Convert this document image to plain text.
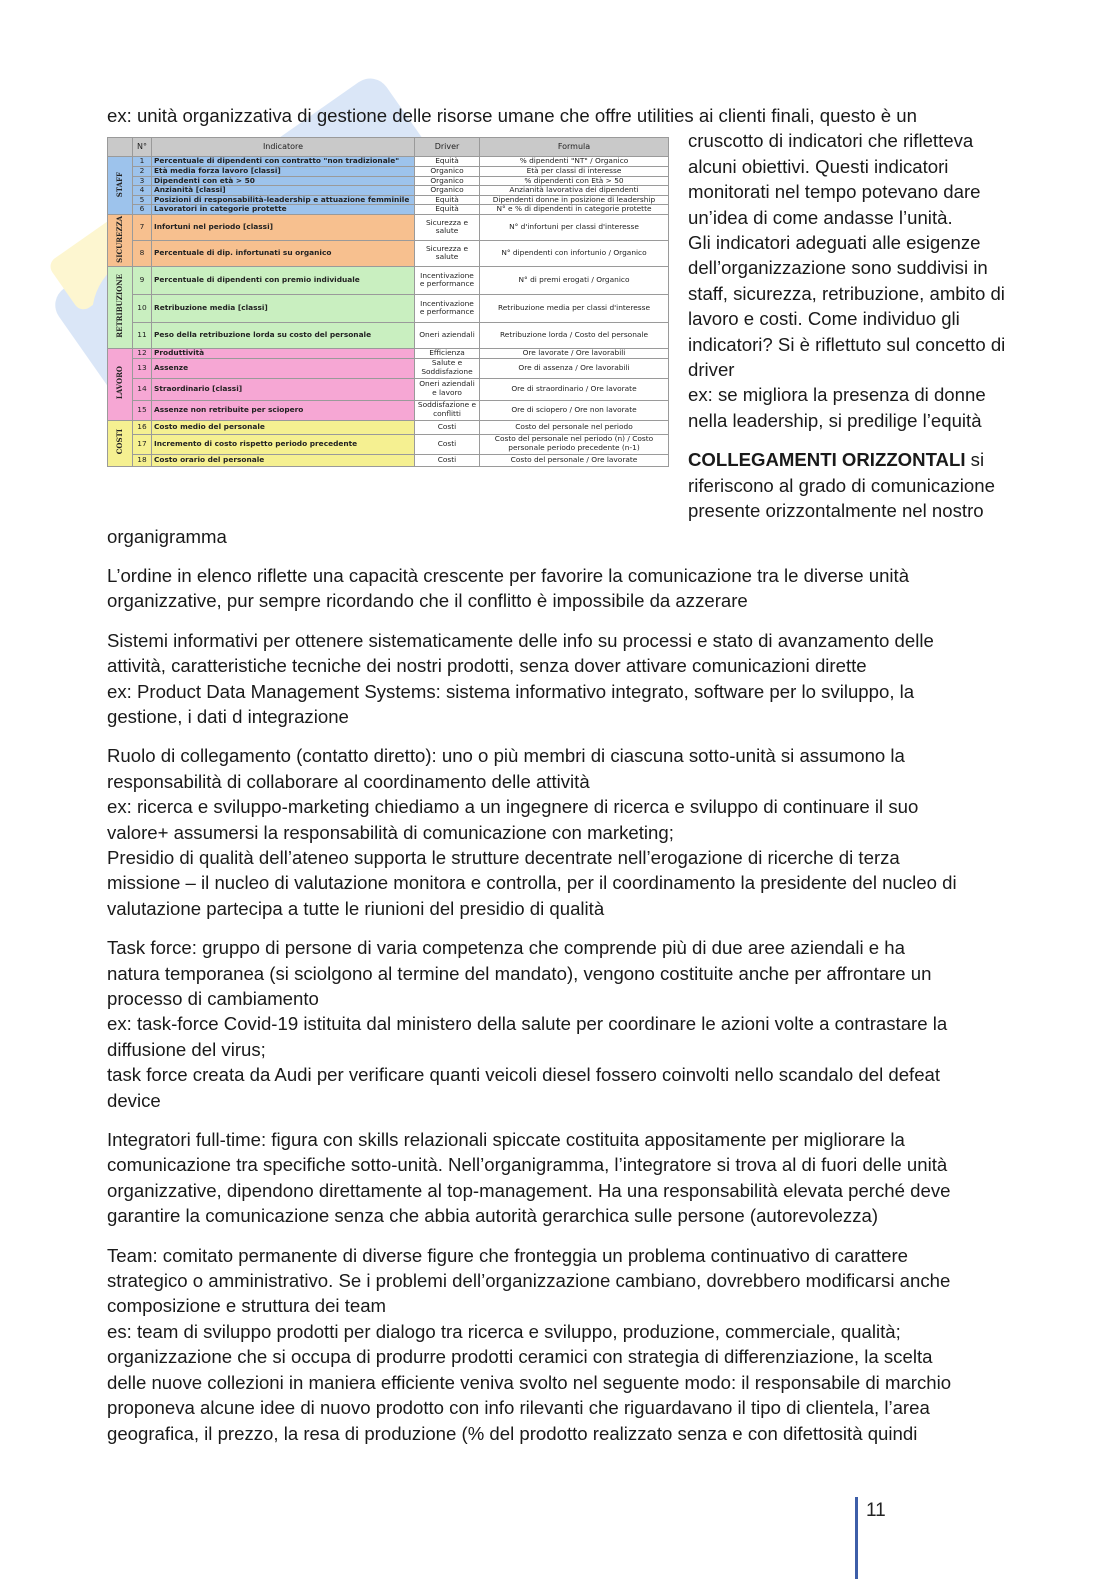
ex: unità organizzativa di gestione delle risorse umane che offre utilities ai clienti finali, questo è un

	N°	Indicatore	Driver	Formula
STAFF	1	Percentuale di dipendenti con contratto "non tradizionale"	Equità	% dipendenti "NT" / Organico
	2	Età media forza lavoro [classi]	Organico	Età per classi di interesse
	3	Dipendenti con età > 50	Organico	% dipendenti con Età > 50
	4	Anzianità [classi]	Organico	Anzianità lavorativa dei dipendenti
	5	Posizioni di responsabilità-leadership e attuazione femminile	Equità	Dipendenti donne in posizione di leadership
	6	Lavoratori in categorie protette	Equità	N° e % di dipendenti in categorie protette
SICUREZZA	7	Infortuni nel periodo [classi]	Sicurezza e salute	N° d'infortuni per classi d'interesse
	8	Percentuale di dip. infortunati su organico	Sicurezza e salute	N° dipendenti con infortunio / Organico
RETRIBUZIONE	9	Percentuale di dipendenti con premio individuale	Incentivazione e performance	N° di premi erogati / Organico
	10	Retribuzione media [classi]	Incentivazione e performance	Retribuzione media per classi d'interesse
	11	Peso della retribuzione lorda su costo del personale	Oneri aziendali	Retribuzione lorda / Costo del personale
LAVORO	12	Produttività	Efficienza	Ore lavorate / Ore lavorabili
	13	Assenze	Salute e Soddisfazione	Ore di assenza / Ore lavorabili
	14	Straordinario [classi]	Oneri aziendali e lavoro	Ore di straordinario / Ore lavorate
	15	Assenze non retribuite per sciopero	Soddisfazione e conflitti	Ore di sciopero / Ore non lavorate
COSTI	16	Costo medio del personale	Costi	Costo del personale nel periodo
	17	Incremento di costo rispetto periodo precedente	Costi	Costo del personale nel periodo (n) / Costo personale periodo precedente (n-1)
	18	Costo orario del personale	Costi	Costo del personale / Ore lavorate
cruscotto di indicatori che rifletteva
alcuni obiettivi. Questi indicatori
monitorati nel tempo potevano dare
un’idea di come andasse l’unità.
Gli indicatori adeguati alle esigenze
dell’organizzazione sono suddivisi in
staff, sicurezza, retribuzione, ambito di
lavoro e costi. Come individuo gli
indicatori? Si è riflettuto sul concetto di
driver
ex: se migliora la presenza di donne
nella leadership, si predilige l’equità
COLLEGAMENTI ORIZZONTALI si
riferiscono al grado di comunicazione
presente orizzontalmente nel nostro

organigramma

L’ordine in elenco riflette una capacità crescente per favorire la comunicazione tra le diverse unità
organizzative, pur sempre ricordando che il conflitto è impossibile da azzerare

Sistemi informativi per ottenere sistematicamente delle info su processi e stato di avanzamento delle
attività, caratteristiche tecniche dei nostri prodotti, senza dover attivare comunicazioni dirette
ex: Product Data Management Systems: sistema informativo integrato, software per lo sviluppo, la
gestione, i dati d integrazione

Ruolo di collegamento (contatto diretto): uno o più membri di ciascuna sotto-unità si assumono la
responsabilità di collaborare al coordinamento delle attività
ex: ricerca e sviluppo-marketing chiediamo a un ingegnere di ricerca e sviluppo di continuare il suo
valore+ assumersi la responsabilità di comunicazione con marketing;
Presidio di qualità dell’ateneo supporta le strutture decentrate nell’erogazione di ricerche di terza
missione – il nucleo di valutazione monitora e controlla, per il coordinamento la presidente del nucleo di
valutazione partecipa a tutte le riunioni del presidio di qualità

Task force: gruppo di persone di varia competenza che comprende più di due aree aziendali e ha
natura temporanea (si sciolgono al termine del mandato), vengono costituite anche per affrontare un
processo di cambiamento
ex: task-force Covid-19 istituita dal ministero della salute per coordinare le azioni volte a contrastare la
diffusione del virus;
task force creata da Audi per verificare quanti veicoli diesel fossero coinvolti nello scandalo del defeat
device

Integratori full-time: figura con skills relazionali spiccate costituita appositamente per migliorare la
comunicazione tra specifiche sotto-unità. Nell’organigramma, l’integratore si trova al di fuori delle unità
organizzative, dipendono direttamente al top-management. Ha una responsabilità elevata perché deve
garantire la comunicazione senza che abbia autorità gerarchica sulle persone (autorevolezza)

Team: comitato permanente di diverse figure che fronteggia un problema continuativo di carattere
strategico o amministrativo. Se i problemi dell’organizzazione cambiano, dovrebbero modificarsi anche
composizione e struttura dei team
es: team di sviluppo prodotti per dialogo tra ricerca e sviluppo, produzione, commerciale, qualità;
organizzazione che si occupa di produrre prodotti ceramici con strategia di differenziazione, la scelta
delle nuove collezioni in maniera efficiente veniva svolto nel seguente modo: il responsabile di marchio
proponeva alcune idee di nuovo prodotto con info rilevanti che riguardavano il tipo di clientela, l’area
geografica, il prezzo, la resa di produzione (% del prodotto realizzato senza e con difettosità quindi

11
